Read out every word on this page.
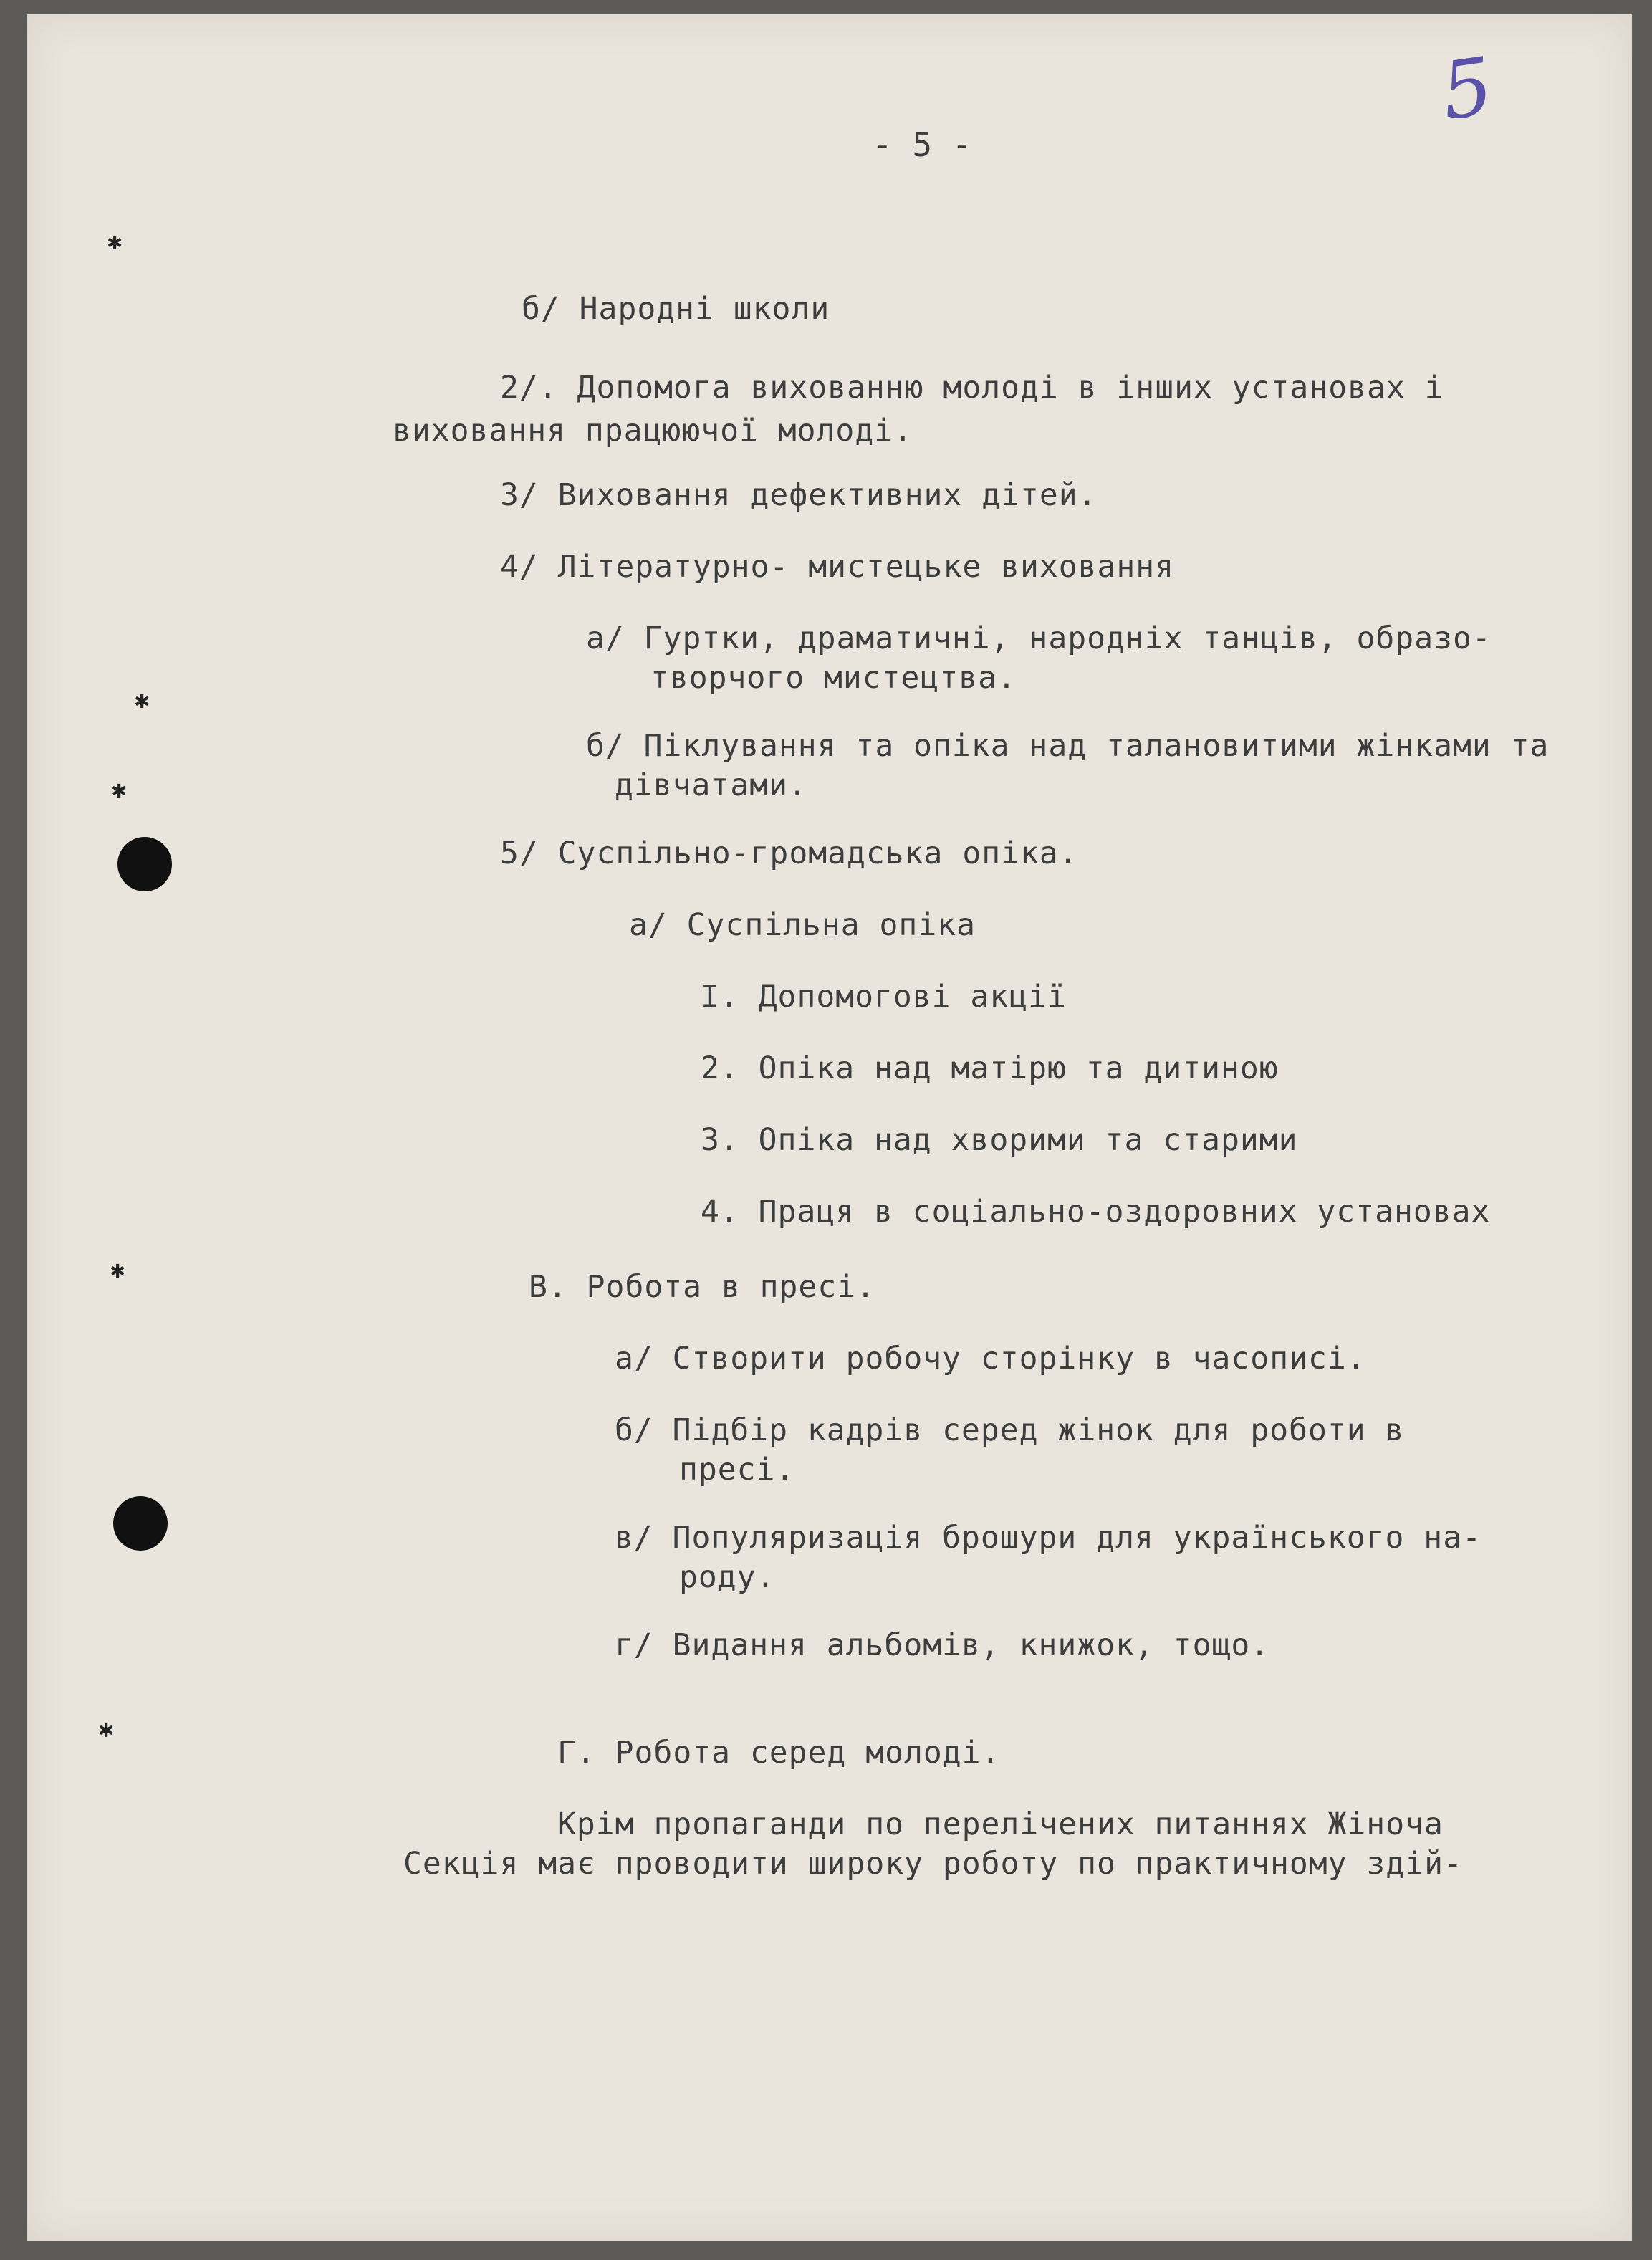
5
- 5 -
✱
✱
✱
✱
✱
б/ Народні школи
2/. Допомога вихованню молоді в інших установах і
виховання працюючої молоді.
3/ Виховання дефективних дітей.
4/ Літературно- мистецьке виховання
а/ Гуртки, драматичні, народніх танців, образо-
творчого мистецтва.
б/ Піклування та опіка над талановитими жінками та
дівчатами.
5/ Суспільно-громадська опіка.
а/ Суспільна опіка
І. Допомогові акції
2. Опіка над матірю та дитиною
3. Опіка над хворими та старими
4. Праця в соціально-оздоровних установах
В. Робота в пресі.
а/ Створити робочу сторінку в часописі.
б/ Підбір кадрів серед жінок для роботи в
пресі.
в/ Популяризація брошури для українського на-
роду.
г/ Видання альбомів, книжок, тощо.
Г. Робота серед молоді.
Крім пропаганди по перелічених питаннях Жіноча
Секція має проводити широку роботу по практичному здій-
